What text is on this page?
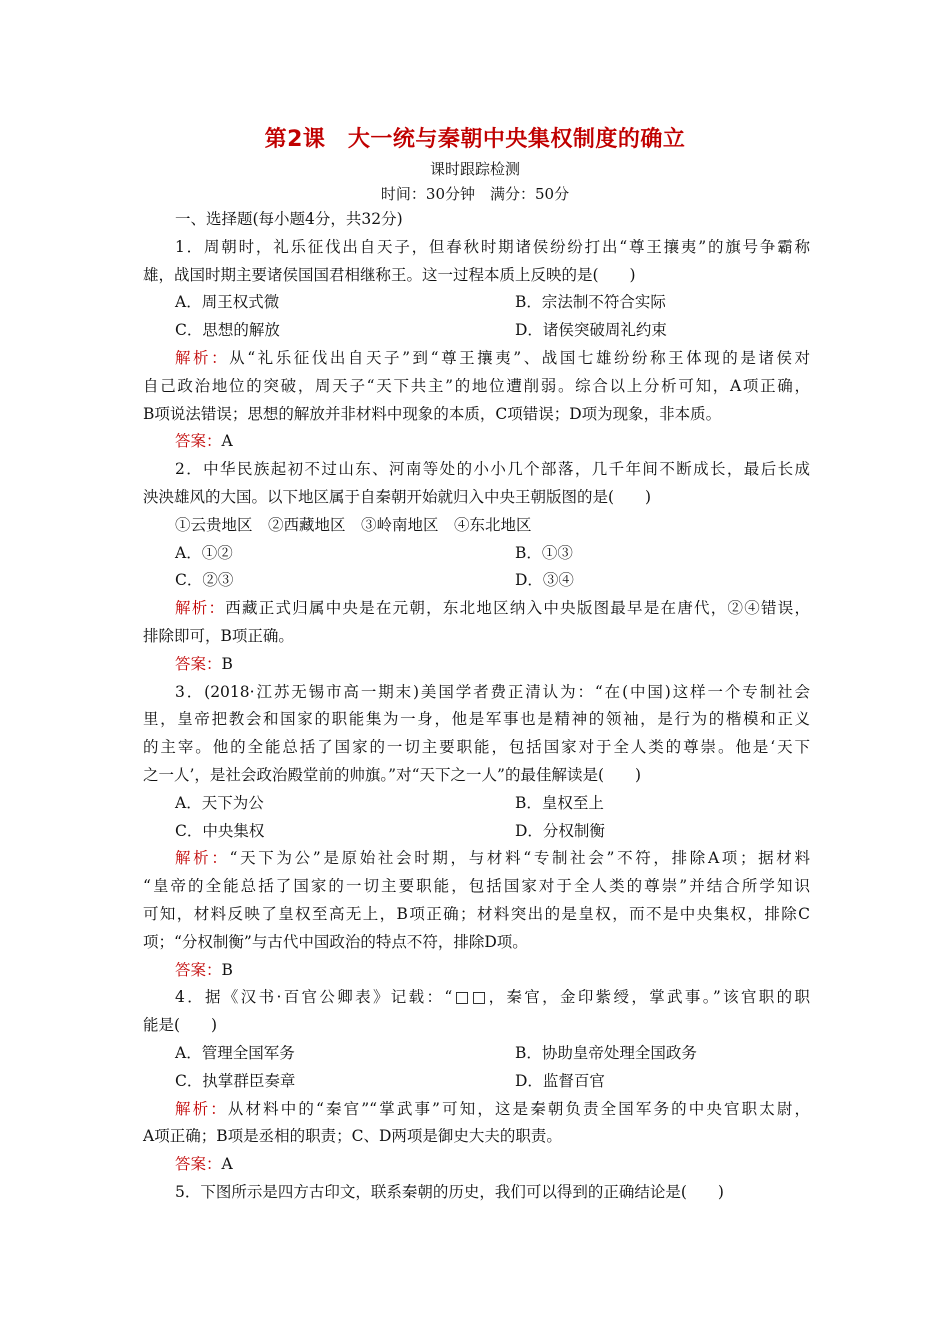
第2课　大一统与秦朝中央集权制度的确立
课时跟踪检测
时间：30分钟　满分：50分
一、选择题(每小题4分，共32分)
1．周朝时，礼乐征伐出自天子，但春秋时期诸侯纷纷打出“尊王攘夷”的旗号争霸称
雄，战国时期主要诸侯国国君相继称王。这一过程本质上反映的是(　　)
A．周王权式微	B．宗法制不符合实际
C．思想的解放	D．诸侯突破周礼约束
解析：从“礼乐征伐出自天子”到“尊王攘夷”、战国七雄纷纷称王体现的是诸侯对
自己政治地位的突破，周天子“天下共主”的地位遭削弱。综合以上分析可知，A项正确，
B项说法错误；思想的解放并非材料中现象的本质，C项错误；D项为现象，非本质。
答案：A
2．中华民族起初不过山东、河南等处的小小几个部落，几千年间不断成长，最后长成
泱泱雄风的大国。以下地区属于自秦朝开始就归入中央王朝版图的是(　　)
①云贵地区　②西藏地区　③岭南地区　④东北地区
A．①②	B．①③
C．②③	D．③④
解析：西藏正式归属中央是在元朝，东北地区纳入中央版图最早是在唐代，②④错误，
排除即可，B项正确。
答案：B
3．(2018·江苏无锡市高一期末)美国学者费正清认为：“在(中国)这样一个专制社会
里，皇帝把教会和国家的职能集为一身，他是军事也是精神的领袖，是行为的楷模和正义
的主宰。他的全能总括了国家的一切主要职能，包括国家对于全人类的尊崇。他是‘天下
之一人’，是社会政治殿堂前的帅旗。”对“天下之一人”的最佳解读是(　　)
A．天下为公	B．皇权至上
C．中央集权	D．分权制衡
解析：“天下为公”是原始社会时期，与材料“专制社会”不符，排除A项；据材料
“皇帝的全能总括了国家的一切主要职能，包括国家对于全人类的尊崇”并结合所学知识
可知，材料反映了皇权至高无上，B项正确；材料突出的是皇权，而不是中央集权，排除C
项；“分权制衡”与古代中国政治的特点不符，排除D项。
答案：B
4．据《汉书·百官公卿表》记载：“□□，秦官，金印紫绶，掌武事。”该官职的职
能是(　　)
A．管理全国军务	B．协助皇帝处理全国政务
C．执掌群臣奏章	D．监督百官
解析：从材料中的“秦官”“掌武事”可知，这是秦朝负责全国军务的中央官职太尉，
A项正确；B项是丞相的职责；C、D两项是御史大夫的职责。
答案：A
5．下图所示是四方古印文，联系秦朝的历史，我们可以得到的正确结论是(　　)
